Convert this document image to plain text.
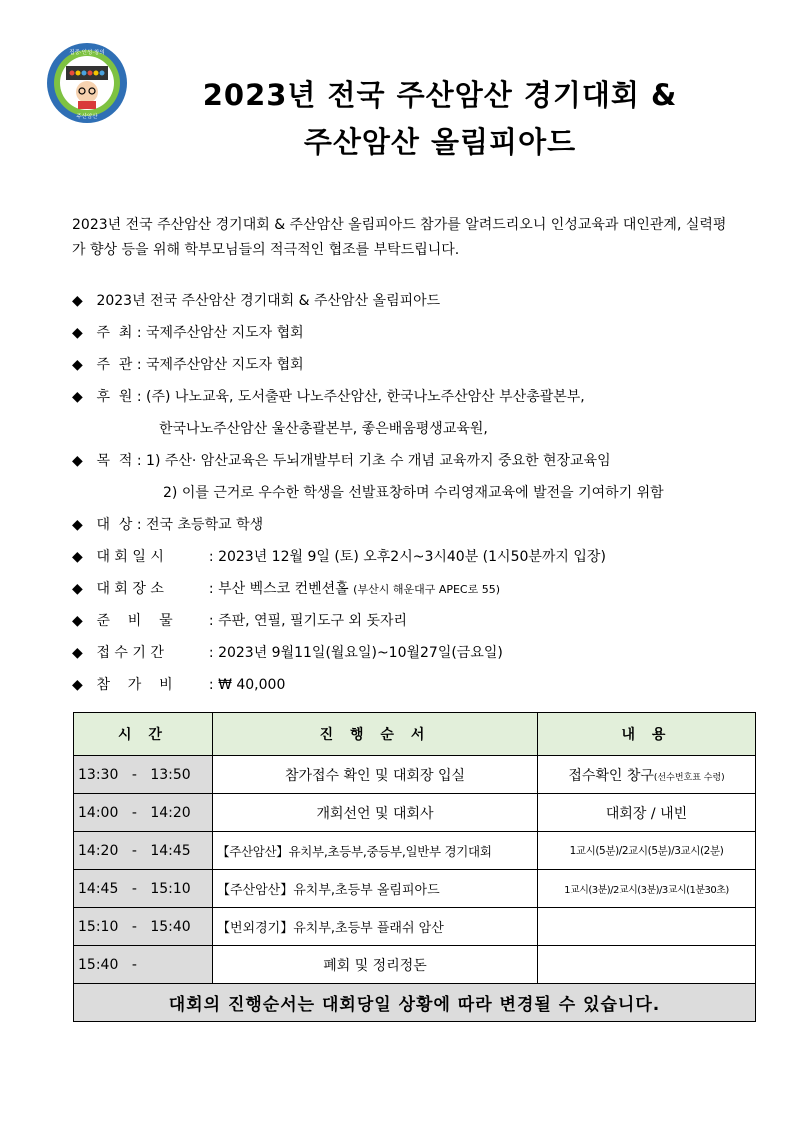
집중·인성·창의
주산암산
2023년 전국 주산암산 경기대회 &
주산암산 올림피아드
2023년 전국 주산암산 경기대회 & 주산암산 올림피아드 참가를 알려드리오니 인성교육과 대인관계, 실력평가 향상 등을 위해 학부모님들의 적극적인 협조를 부탁드립니다.
◆ 2023년 전국 주산암산 경기대회 & 주산암산 올림피아드
◆ 주  최 : 국제주산암산 지도자 협회
◆ 주  관 : 국제주산암산 지도자 협회
◆ 후  원 : (주) 나노교육, 도서출판 나노주산암산, 한국나노주산암산 부산총괄본부,
한국나노주산암산 울산총괄본부, 좋은배움평생교육원,
◆ 목  적 : 1) 주산· 암산교육은 두뇌개발부터 기초 수 개념 교육까지 중요한 현장교육임
2) 이를 근거로 우수한 학생을 선발표창하며 수리영재교육에 발전을 기여하기 위함
◆ 대  상 : 전국 초등학교 학생
◆ 대 회 일 시	: 2023년 12월 9일 (토) 오후2시~3시40분 (1시50분까지 입장)
◆ 대 회 장 소	: 부산 벡스코 컨벤션홀 (부산시 해운대구 APEC로 55)
◆ 준    비    물	: 주판, 연필, 필기도구 외 돗자리
◆ 접 수 기 간	: 2023년 9월11일(월요일)~10월27일(금요일)
◆ 참    가    비	: ₩ 40,000
시 간	진 행 순 서	내 용
13:30 - 13:50	참가접수 확인 및 대회장 입실	접수확인 창구(선수번호표 수령)
14:00 - 14:20	개회선언 및 대회사	대회장 / 내빈
14:20 - 14:45	【주산암산】유치부,초등부,중등부,일반부 경기대회	1교시(5분)/2교시(5분)/3교시(2분)
14:45 - 15:10	【주산암산】유치부,초등부 올림피아드	1교시(3분)/2교시(3분)/3교시(1분30초)
15:10 - 15:40	【번외경기】유치부,초등부 플래쉬 암산	
15:40 -	폐회 및 정리정돈	
대회의 진행순서는 대회당일 상황에 따라 변경될 수 있습니다.		
